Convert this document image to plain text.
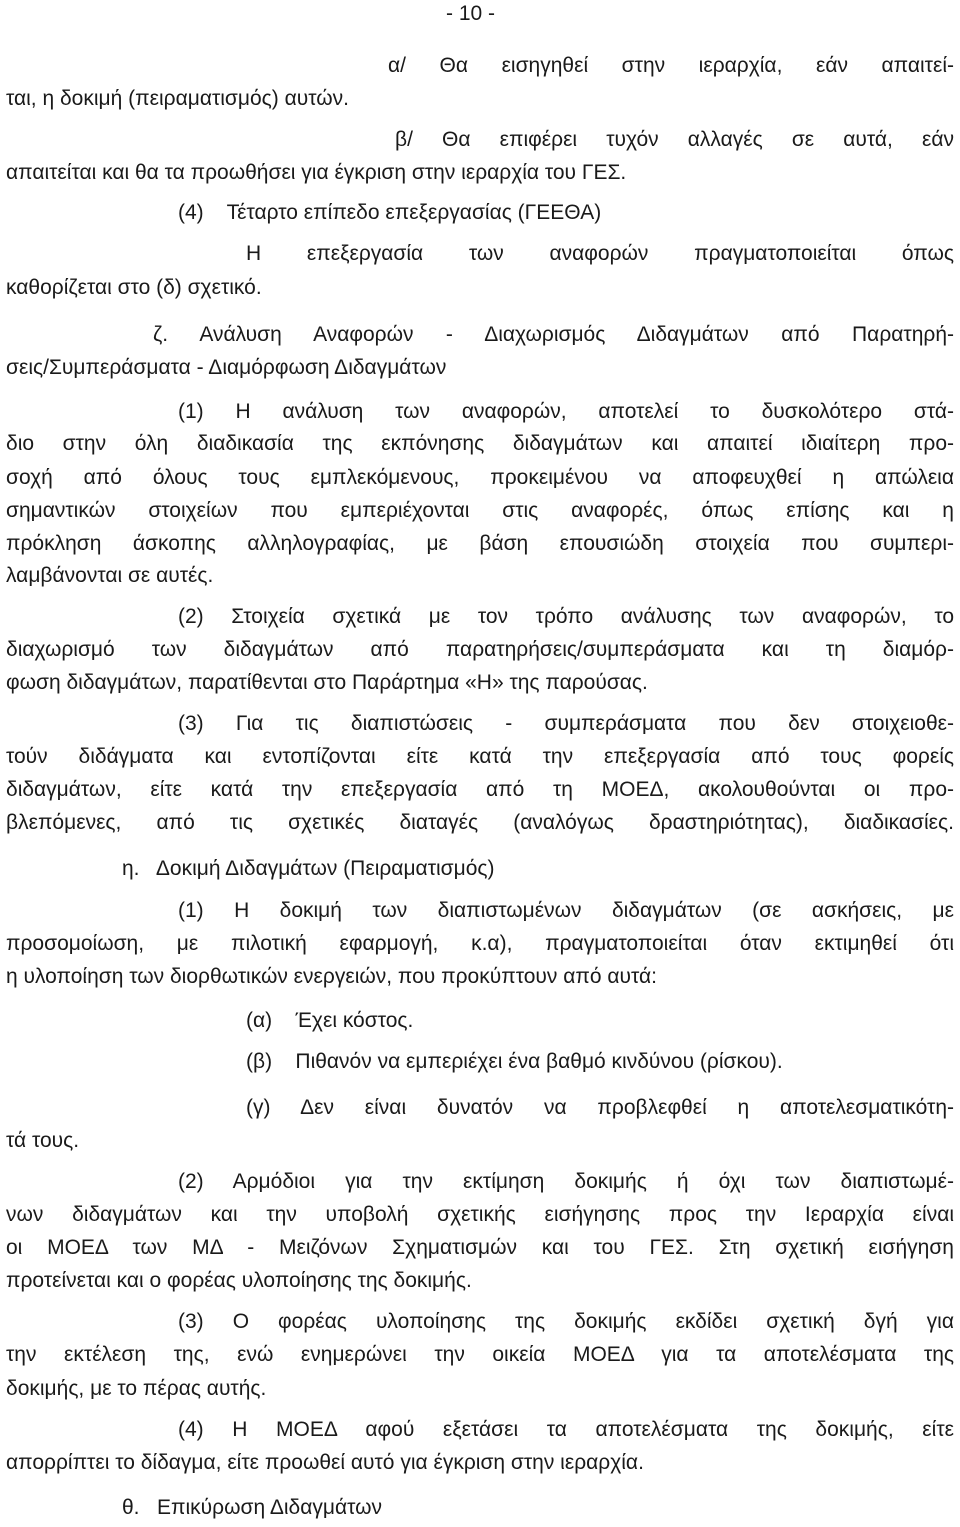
- 10 -
α/ Θα εισηγηθεί στην ιεραρχία, εάν απαιτεί-
ται, η δοκιμή (πειραματισμός) αυτών.
β/ Θα επιφέρει τυχόν αλλαγές σε αυτά, εάν
απαιτείται και θα τα προωθήσει για έγκριση στην ιεραρχία του ΓΕΣ.
(4)    Τέταρτο επίπεδο επεξεργασίας (ΓΕΕΘΑ)
Η επεξεργασία των αναφορών πραγματοποιείται όπως
καθορίζεται στο (δ) σχετικό.
ζ. Ανάλυση Αναφορών - Διαχωρισμός Διδαγμάτων από Παρατηρή-
σεις/Συμπεράσματα - Διαμόρφωση Διδαγμάτων
(1) Η ανάλυση των αναφορών, αποτελεί το δυσκολότερο στά-
διο στην όλη διαδικασία της εκπόνησης διδαγμάτων και απαιτεί ιδιαίτερη προ-
σοχή από όλους τους εμπλεκόμενους, προκειμένου να αποφευχθεί η απώλεια
σημαντικών στοιχείων που εμπεριέχονται στις αναφορές, όπως επίσης και η
πρόκληση άσκοπης αλληλογραφίας, με βάση επουσιώδη στοιχεία που συμπερι-
λαμβάνονται σε αυτές.
(2) Στοιχεία σχετικά με τον τρόπο ανάλυσης των αναφορών, το
διαχωρισμό των διδαγμάτων από παρατηρήσεις/συμπεράσματα και τη διαμόρ-
φωση διδαγμάτων, παρατίθενται στο Παράρτημα «Η» της παρούσας.
(3) Για τις διαπιστώσεις - συμπεράσματα που δεν στοιχειοθε-
τούν διδάγματα και εντοπίζονται είτε κατά την επεξεργασία από τους φορείς
διδαγμάτων, είτε κατά την επεξεργασία από τη ΜΟΕΔ, ακολουθούνται οι προ-
βλεπόμενες, από τις σχετικές διαταγές (αναλόγως δραστηριότητας), διαδικασίες.
η.   Δοκιμή Διδαγμάτων (Πειραματισμός)
(1) Η δοκιμή των διαπιστωμένων διδαγμάτων (σε ασκήσεις, με
προσομοίωση, με πιλοτική εφαρμογή, κ.α), πραγματοποιείται όταν εκτιμηθεί ότι
η υλοποίηση των διορθωτικών ενεργειών, που προκύπτουν από αυτά:
(α)    Έχει κόστος.
(β)    Πιθανόν να εμπεριέχει ένα βαθμό κινδύνου (ρίσκου).
(γ) Δεν είναι δυνατόν να προβλεφθεί η αποτελεσματικότη-
τά τους.
(2) Αρμόδιοι για την εκτίμηση δοκιμής ή όχι των διαπιστωμέ-
νων διδαγμάτων και την υποβολή σχετικής εισήγησης προς την Ιεραρχία είναι
οι ΜΟΕΔ των ΜΔ - Μειζόνων Σχηματισμών και του ΓΕΣ. Στη σχετική εισήγηση
προτείνεται και ο φορέας υλοποίησης της δοκιμής.
(3) Ο φορέας υλοποίησης της δοκιμής εκδίδει σχετική δγή για
την εκτέλεση της, ενώ ενημερώνει την οικεία ΜΟΕΔ για τα αποτελέσματα της
δοκιμής, με το πέρας αυτής.
(4) Η ΜΟΕΔ αφού εξετάσει τα αποτελέσματα της δοκιμής, είτε
απορρίπτει το δίδαγμα, είτε προωθεί αυτό για έγκριση στην ιεραρχία.
θ.   Επικύρωση Διδαγμάτων
